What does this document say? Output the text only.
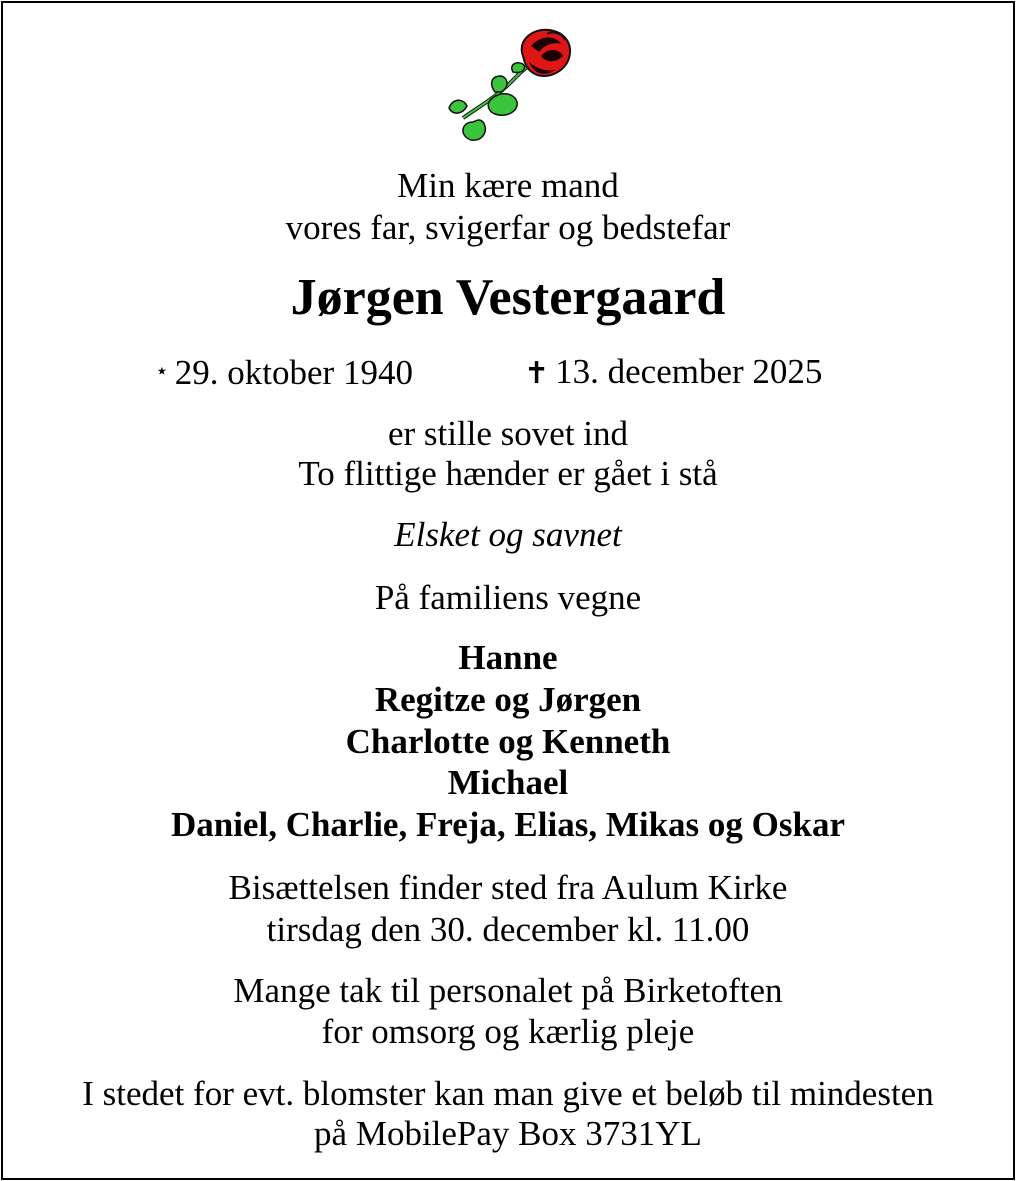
Min kære mand
vores far, svigerfar og bedstefar
Jørgen Vestergaard
⋆ 29. oktober 1940	✝ 13. december 2025
er stille sovet ind
To flittige hænder er gået i stå
Elsket og savnet
På familiens vegne
Hanne
Regitze og Jørgen
Charlotte og Kenneth
Michael
Daniel, Charlie, Freja, Elias, Mikas og Oskar
Bisættelsen finder sted fra Aulum Kirke
tirsdag den 30. december kl. 11.00
Mange tak til personalet på Birketoften
for omsorg og kærlig pleje
I stedet for evt. blomster kan man give et beløb til mindesten
på MobilePay Box 3731YL
